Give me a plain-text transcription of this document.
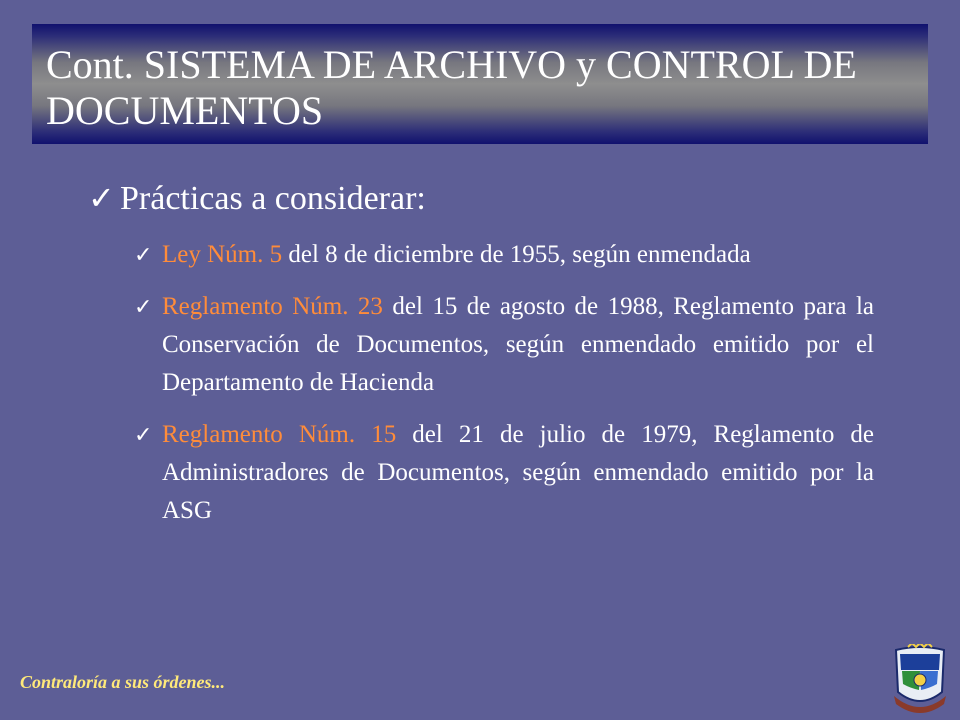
Cont. SISTEMA DE ARCHIVO y CONTROL DE DOCUMENTOS
✓ Prácticas a considerar:
✓ Ley Núm. 5 del 8 de diciembre de 1955, según enmendada
✓ Reglamento Núm. 23 del 15 de agosto de 1988, Reglamento para la Conservación de Documentos, según enmendado emitido por el Departamento de Hacienda
✓ Reglamento Núm. 15 del 21 de julio de 1979, Reglamento de Administradores de Documentos, según enmendado emitido por la ASG
Contraloría a sus órdenes...
